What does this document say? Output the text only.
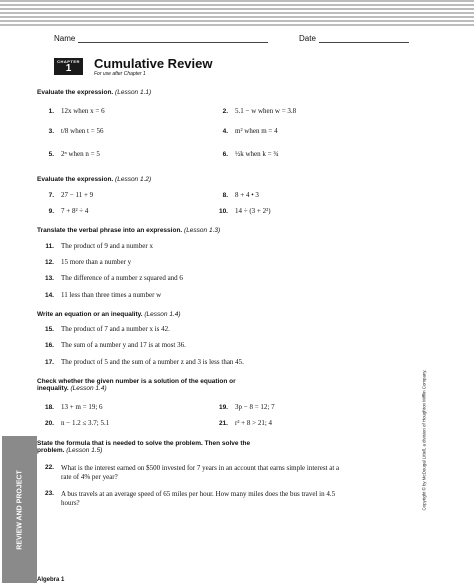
Name	Date
CHAPTER
1	Cumulative Review
For use after Chapter 1
Evaluate the expression. (Lesson 1.1)
1. 12x when x = 6	2. 5.1 − w when w = 3.8
3. t/8 when t = 56	4. m² when m = 4
5. 2ⁿ when n = 5	6. ½k when k = ¾
Evaluate the expression. (Lesson 1.2)
7. 27 − 11 + 9	8. 8 + 4 • 3
9. 7 + 8² ÷ 4	10. 14 ÷ (3 + 2²)
Translate the verbal phrase into an expression. (Lesson 1.3)
11. The product of 9 and a number x
12. 15 more than a number y
13. The difference of a number z squared and 6
14. 11 less than three times a number w
Write an equation or an inequality. (Lesson 1.4)
15. The product of 7 and a number x is 42.
16. The sum of a number y and 17 is at most 36.
17. The product of 5 and the sum of a number z and 3 is less than 45.
Check whether the given number is a solution of the equation or
inequality. (Lesson 1.4)
18. 13 + m = 19; 6	19. 3p − 8 = 12; 7
20. n − 1.2 ≤ 3.7; 5.1	21. r² + 8 > 21; 4
State the formula that is needed to solve the problem. Then solve the
problem. (Lesson 1.5)
22. What is the interest earned on $500 invested for 7 years in an account that earns simple interest at a rate of 4% per year?
23. A bus travels at an average speed of 65 miles per hour. How many miles does the bus travel in 4.5 hours?
REVIEW AND PROJECT	Copyright © by McDougal Littell, a division of Houghton Mifflin Company.
Algebra 1
